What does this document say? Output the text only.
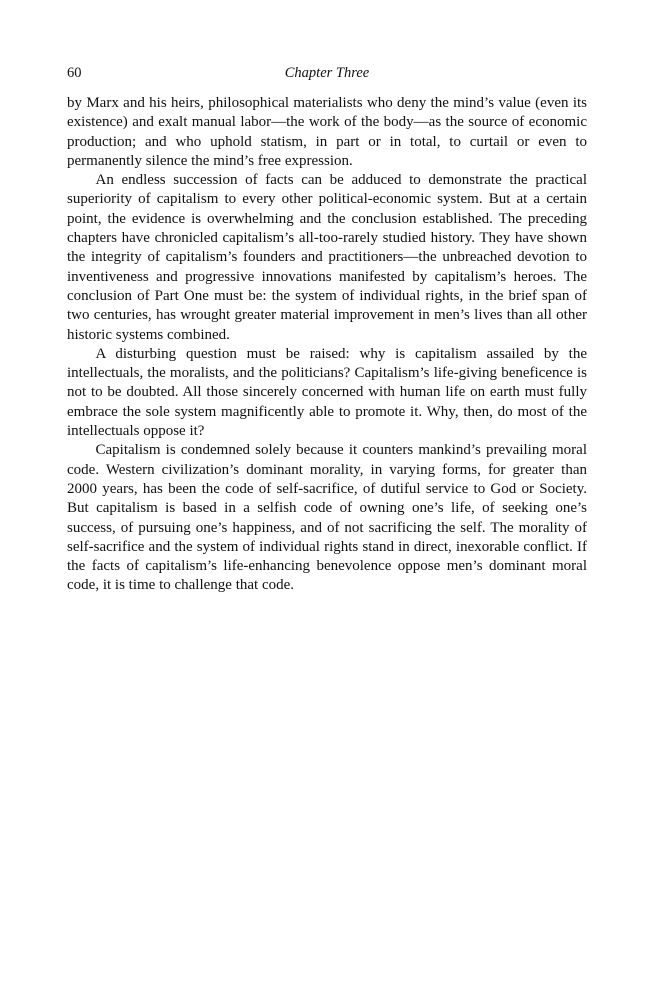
60	Chapter Three

by Marx and his heirs, philosophical materialists who deny the mind’s value (even its existence) and exalt manual labor—the work of the body—as the source of economic production; and who uphold statism, in part or in total, to curtail or even to permanently silence the mind’s free expression.

An endless succession of facts can be adduced to demonstrate the practical superiority of capitalism to every other political-economic system. But at a certain point, the evidence is overwhelming and the conclusion established. The preceding chapters have chronicled capitalism’s all-too-rarely studied history. They have shown the integrity of capitalism’s founders and practitioners—the unbreached devotion to inventiveness and progressive innovations manifested by capitalism’s heroes. The conclusion of Part One must be: the system of individual rights, in the brief span of two centuries, has wrought greater material improvement in men’s lives than all other historic systems combined.

A disturbing question must be raised: why is capitalism assailed by the intellectuals, the moralists, and the politicians? Capitalism’s life-giving beneficence is not to be doubted. All those sincerely concerned with human life on earth must fully embrace the sole system magnificently able to promote it. Why, then, do most of the intellectuals oppose it?

Capitalism is condemned solely because it counters mankind’s prevailing moral code. Western civilization’s dominant morality, in varying forms, for greater than 2000 years, has been the code of self-sacrifice, of dutiful service to God or Society. But capitalism is based in a selfish code of owning one’s life, of seeking one’s success, of pursuing one’s happiness, and of not sacrificing the self. The morality of self-sacrifice and the system of individual rights stand in direct, inexorable conflict. If the facts of capitalism’s life-enhancing benevolence oppose men’s dominant moral code, it is time to challenge that code.
